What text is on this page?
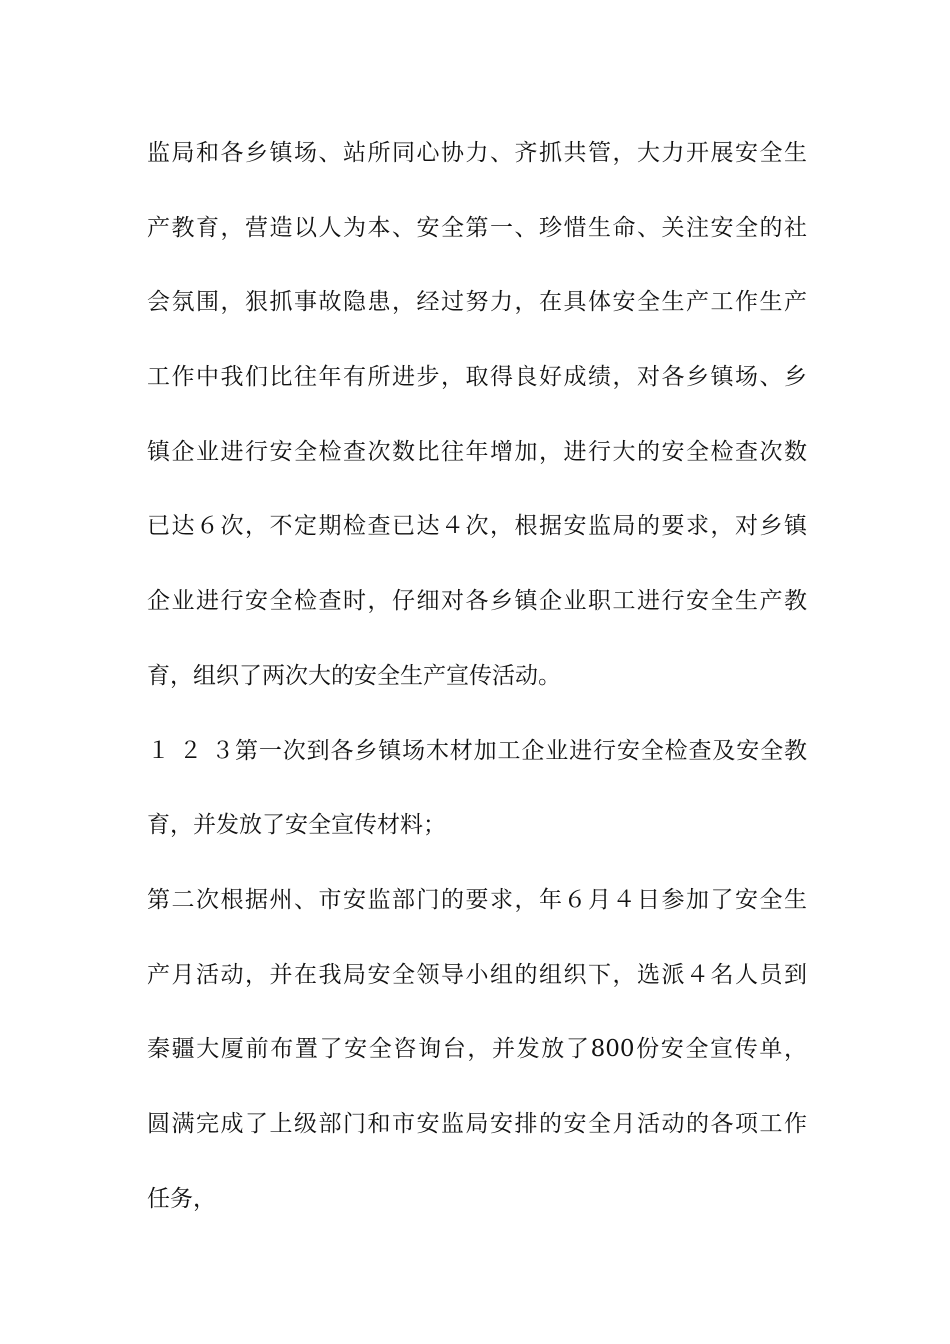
监局和各乡镇场、站所同心协力、齐抓共管，大力开展安全生
产教育，营造以人为本、安全第一、珍惜生命、关注安全的社
会氛围，狠抓事故隐患，经过努力，在具体安全生产工作生产
工作中我们比往年有所进步，取得良好成绩，对各乡镇场、乡
镇企业进行安全检查次数比往年增加，进行大的安全检查次数
已达６次，不定期检查已达４次，根据安监局的要求，对乡镇
企业进行安全检查时，仔细对各乡镇企业职工进行安全生产教
育，组织了两次大的安全生产宣传活动。
１ ２ ３第一次到各乡镇场木材加工企业进行安全检查及安全教
育，并发放了安全宣传材料；
第二次根据州、市安监部门的要求，年６月４日参加了安全生
产月活动，并在我局安全领导小组的组织下，选派４名人员到
秦疆大厦前布置了安全咨询台，并发放了800份安全宣传单，
圆满完成了上级部门和市安监局安排的安全月活动的各项工作
任务，
